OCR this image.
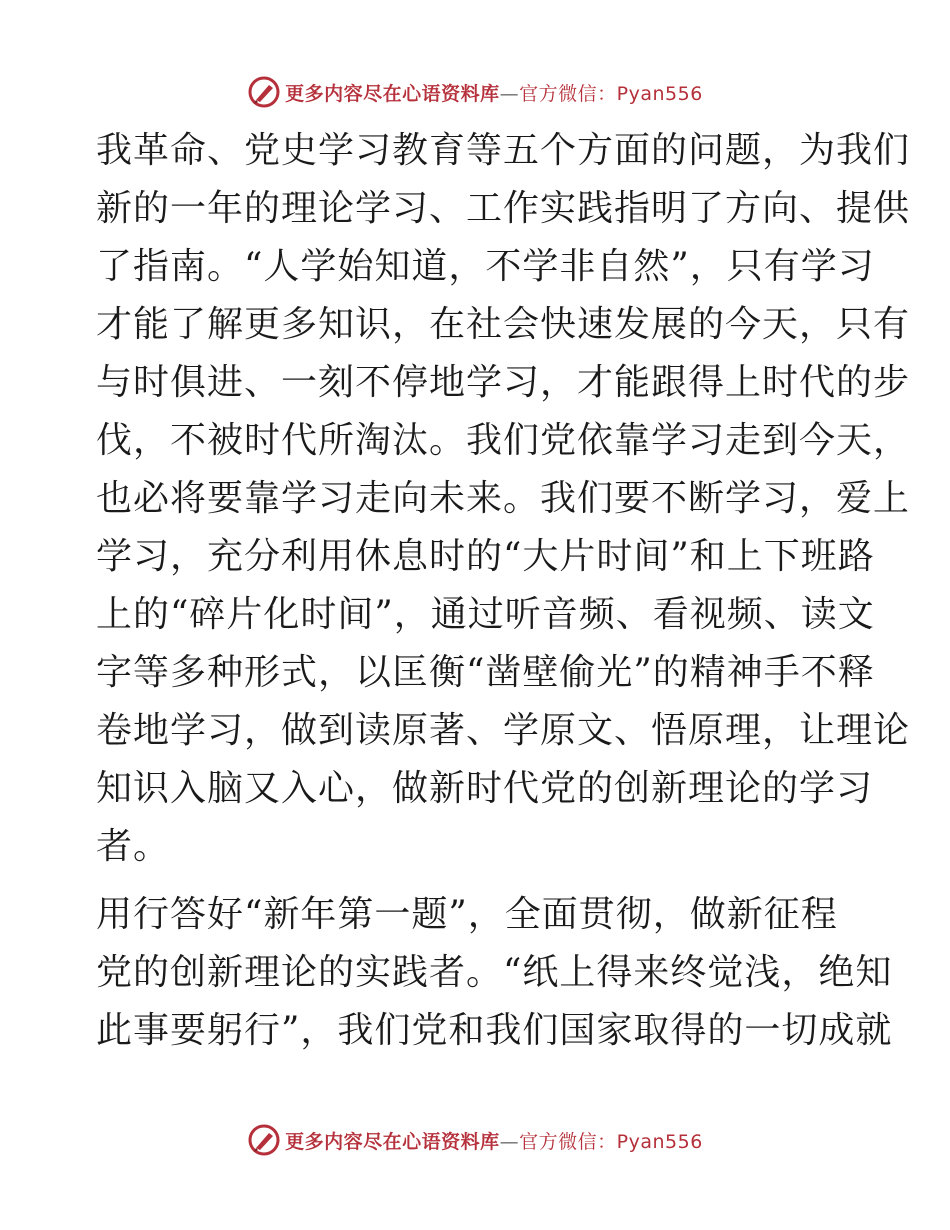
更多内容尽在心语资料库—官方微信：Pyan556
我革命、党史学习教育等五个方面的问题，为我们
新的一年的理论学习、工作实践指明了方向、提供
了指南。“人学始知道，不学非自然”，只有学习
才能了解更多知识，在社会快速发展的今天，只有
与时俱进、一刻不停地学习，才能跟得上时代的步
伐，不被时代所淘汰。我们党依靠学习走到今天，
也必将要靠学习走向未来。我们要不断学习，爱上
学习，充分利用休息时的“大片时间”和上下班路
上的“碎片化时间”，通过听音频、看视频、读文
字等多种形式，以匡衡“凿壁偷光”的精神手不释
卷地学习，做到读原著、学原文、悟原理，让理论
知识入脑又入心，做新时代党的创新理论的学习
者。
用行答好“新年第一题”，全面贯彻，做新征程
党的创新理论的实践者。“纸上得来终觉浅，绝知
此事要躬行”，我们党和我们国家取得的一切成就
更多内容尽在心语资料库—官方微信：Pyan556
